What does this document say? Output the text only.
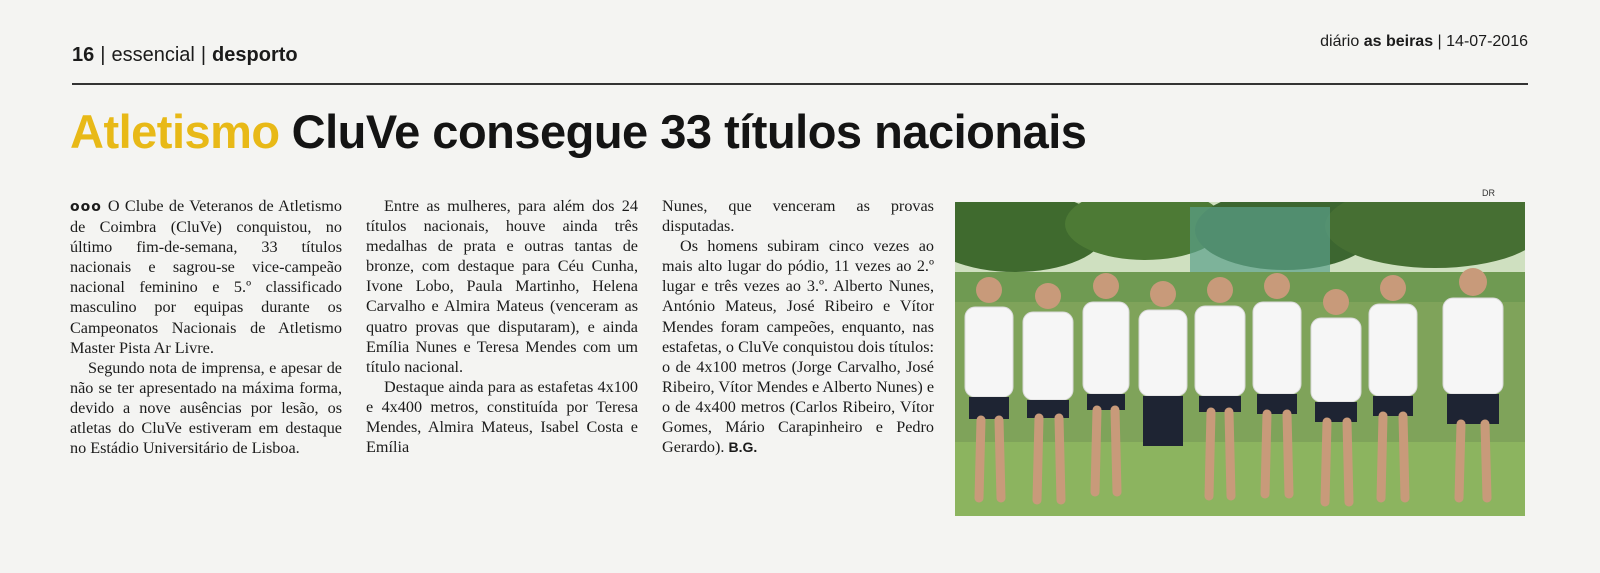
16 | essencial | desporto
diário as beiras | 14-07-2016
Atletismo CluVe consegue 33 títulos nacionais

ooo O Clube de Veteranos de Atletismo de Coimbra (CluVe) conquistou, no último fim-de-semana, 33 títulos nacionais e sagrou-se vice-campeão nacional feminino e 5.º classificado masculino por equipas durante os Campeonatos Nacionais de Atletismo Master Pista Ar Livre.

Segundo nota de imprensa, e apesar de não se ter apresentado na máxima forma, devido a nove ausências por lesão, os atletas do CluVe estiveram em destaque no Estádio Universitário de Lisboa.

Entre as mulheres, para além dos 24 títulos nacionais, houve ainda três medalhas de prata e outras tantas de bronze, com destaque para Céu Cunha, Ivone Lobo, Paula Martinho, Helena Carvalho e Almira Mateus (venceram as quatro provas que disputaram), e ainda Emília Nunes e Teresa Mendes com um título nacional.

Destaque ainda para as estafetas 4x100 e 4x400 metros, constituída por Teresa Mendes, Almira Mateus, Isabel Costa e Emília

Nunes, que venceram as provas disputadas.

Os homens subiram cinco vezes ao mais alto lugar do pódio, 11 vezes ao 2.º lugar e três vezes ao 3.º. Alberto Nunes, António Mateus, José Ribeiro e Vítor Mendes foram campeões, enquanto, nas estafetas, o CluVe conquistou dois títulos: o de 4x100 metros (Jorge Carvalho, José Ribeiro, Vítor Mendes e Alberto Nunes) e o de 4x400 metros (Carlos Ribeiro, Vítor Gomes, Mário Carapinheiro e Pedro Gerardo). B.G.

DR
